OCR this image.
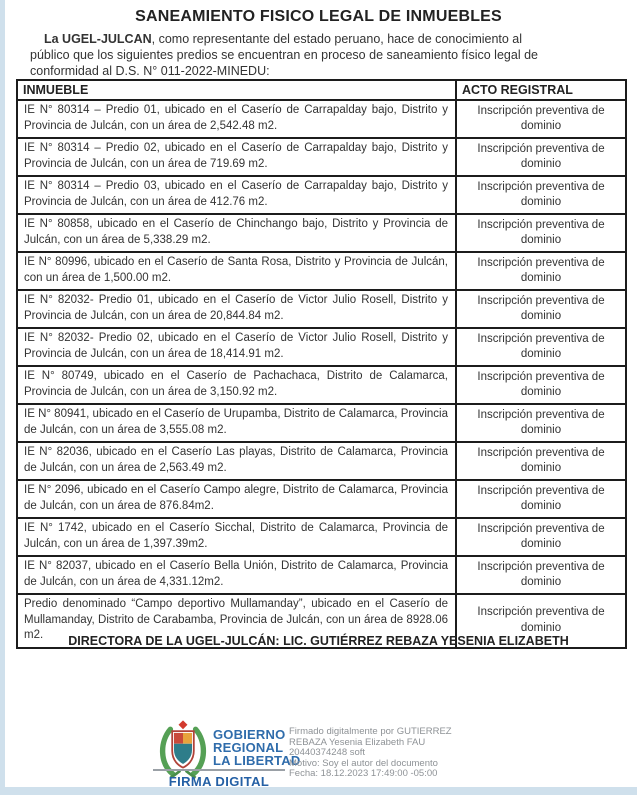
SANEAMIENTO FISICO LEGAL DE INMUEBLES

La UGEL-JULCAN, como representante del estado peruano, hace de conocimiento al público que los siguientes predios se encuentran en proceso de saneamiento físico legal de conformidad al D.S. N° 011-2022-MINEDU:

INMUEBLE	ACTO REGISTRAL
IE N° 80314 – Predio 01, ubicado en el Caserío de Carrapalday bajo, Distrito y Provincia de Julcán, con un área de 2,542.48 m2.	Inscripción preventiva de dominio
IE N° 80314 – Predio 02, ubicado en el Caserío de Carrapalday bajo, Distrito y Provincia de Julcán, con un área de 719.69 m2.	Inscripción preventiva de dominio
IE N° 80314 – Predio 03, ubicado en el Caserío de Carrapalday bajo, Distrito y Provincia de Julcán, con un área de 412.76 m2.	Inscripción preventiva de dominio
IE N° 80858, ubicado en el Caserío de Chinchango bajo, Distrito y Provincia de Julcán, con un área de 5,338.29 m2.	Inscripción preventiva de dominio
IE N° 80996, ubicado en el Caserío de Santa Rosa, Distrito y Provincia de Julcán, con un área de 1,500.00 m2.	Inscripción preventiva de dominio
IE N° 82032- Predio 01, ubicado en el Caserío de Victor Julio Rosell, Distrito y Provincia de Julcán, con un área de 20,844.84 m2.	Inscripción preventiva de dominio
IE N° 82032- Predio 02, ubicado en el Caserío de Victor Julio Rosell, Distrito y Provincia de Julcán, con un área de 18,414.91 m2.	Inscripción preventiva de dominio
IE N° 80749, ubicado en el Caserío de Pachachaca, Distrito de Calamarca, Provincia de Julcán, con un área de 3,150.92 m2.	Inscripción preventiva de dominio
IE N° 80941, ubicado en el Caserío de Urupamba, Distrito de Calamarca, Provincia de Julcán, con un área de 3,555.08 m2.	Inscripción preventiva de dominio
IE N° 82036, ubicado en el Caserío Las playas, Distrito de Calamarca, Provincia de Julcán, con un área de 2,563.49 m2.	Inscripción preventiva de dominio
IE N° 2096, ubicado en el Caserío Campo alegre, Distrito de Calamarca, Provincia de Julcán, con un área de 876.84m2.	Inscripción preventiva de dominio
IE N° 1742, ubicado en el Caserío Sicchal, Distrito de Calamarca, Provincia de Julcán, con un área de 1,397.39m2.	Inscripción preventiva de dominio
IE N° 82037, ubicado en el Caserío Bella Unión, Distrito de Calamarca, Provincia de Julcán, con un área de 4,331.12m2.	Inscripción preventiva de dominio
Predio denominado “Campo deportivo Mullamanday”, ubicado en el Caserío de Mullamanday, Distrito de Carabamba, Provincia de Julcán, con un área de 8928.06 m2.	Inscripción preventiva de dominio
DIRECTORA DE LA UGEL-JULCÁN: LIC. GUTIÉRREZ REBAZA YESENIA ELIZABETH
GOBIERNO
REGIONAL
LA LIBERTAD
FIRMA DIGITAL
Firmado digitalmente por GUTIERREZ
REBAZA Yesenia Elizabeth FAU
20440374248 soft
Motivo: Soy el autor del documento
Fecha: 18.12.2023 17:49:00 -05:00
